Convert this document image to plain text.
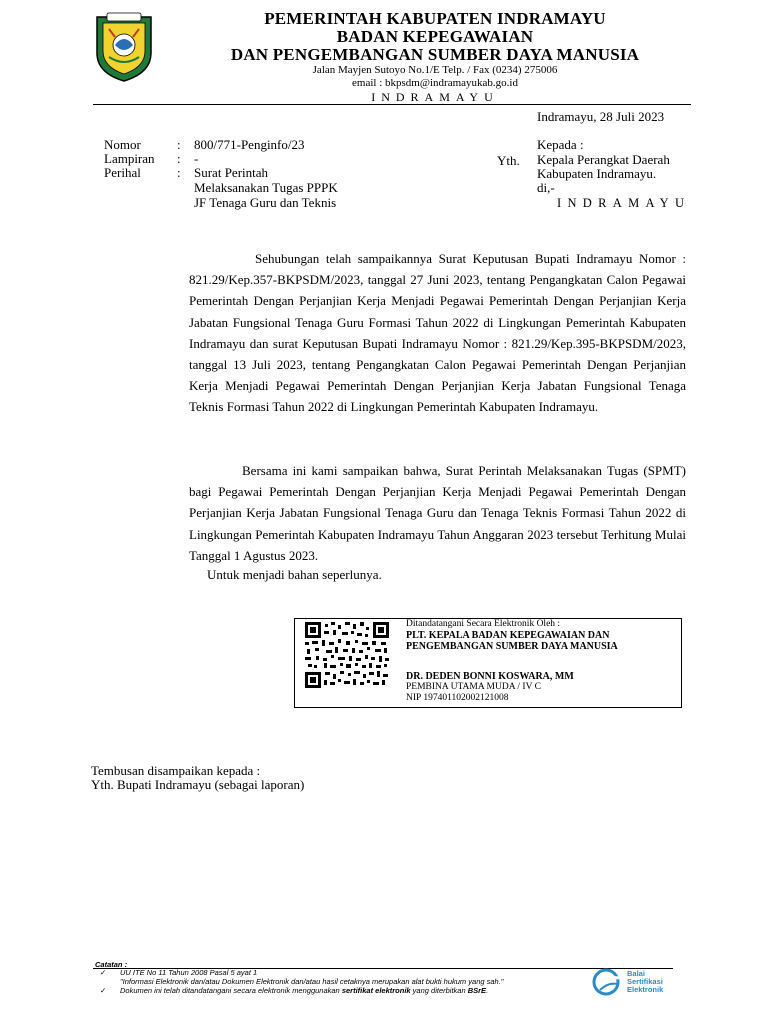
PEMERINTAH KABUPATEN INDRAMAYU
BADAN KEPEGAWAIAN
DAN PENGEMBANGAN SUMBER DAYA MANUSIA
Jalan Mayjen Sutoyo No.1/E Telp. / Fax (0234) 275006
email : bkpsdm@indramayukab.go.id
INDRAMAYU
Indramayu, 28 Juli 2023
Nomor	: 800/771-Penginfo/23
Lampiran : -
Perihal	: Surat Perintah
Melaksanakan Tugas PPPK
JF Tenaga Guru dan Teknis
Yth.
Kepada :
Kepala Perangkat Daerah
Kabupaten Indramayu.
di,-
INDRAMAYU
Sehubungan telah sampaikannya Surat Keputusan Bupati Indramayu Nomor : 821.29/Kep.357-BKPSDM/2023, tanggal 27 Juni 2023, tentang Pengangkatan Calon Pegawai Pemerintah Dengan Perjanjian Kerja Menjadi Pegawai Pemerintah Dengan Perjanjian Kerja Jabatan Fungsional Tenaga Guru Formasi Tahun 2022 di Lingkungan Pemerintah Kabupaten Indramayu dan surat Keputusan Bupati Indramayu Nomor : 821.29/Kep.395-BKPSDM/2023, tanggal 13 Juli 2023, tentang Pengangkatan Calon Pegawai Pemerintah Dengan Perjanjian Kerja Menjadi Pegawai Pemerintah Dengan Perjanjian Kerja Jabatan Fungsional Tenaga Teknis Formasi Tahun 2022 di Lingkungan Pemerintah Kabupaten Indramayu.
Bersama ini kami sampaikan bahwa, Surat Perintah Melaksanakan Tugas (SPMT) bagi Pegawai Pemerintah Dengan Perjanjian Kerja Menjadi Pegawai Pemerintah Dengan Perjanjian Kerja Jabatan Fungsional Tenaga Guru dan Tenaga Teknis Formasi Tahun 2022 di Lingkungan Pemerintah Kabupaten Indramayu Tahun Anggaran 2023 tersebut Terhitung Mulai Tanggal 1 Agustus 2023.
Untuk menjadi bahan seperlunya.
Ditandatangani Secara Elektronik Oleh :
PLT. KEPALA BADAN KEPEGAWAIAN DAN
PENGEMBANGAN SUMBER DAYA MANUSIA
DR. DEDEN BONNI KOSWARA, MM
PEMBINA UTAMA MUDA / IV C
NIP 197401102002121008
Tembusan disampaikan kepada :
Yth. Bupati Indramayu (sebagai laporan)
Catatan :
✓ UU ITE No 11 Tahun 2008 Pasal 5 ayat 1
"Informasi Elektronik dan/atau Dokumen Elektronik dan/atau hasil cetaknya merupakan alat bukti hukum yang sah."
✓ Dokumen ini telah ditandatangani secara elektronik menggunakan sertifikat elektronik yang diterbitkan BSrE.
Balai
Sertifikasi
Elektronik
